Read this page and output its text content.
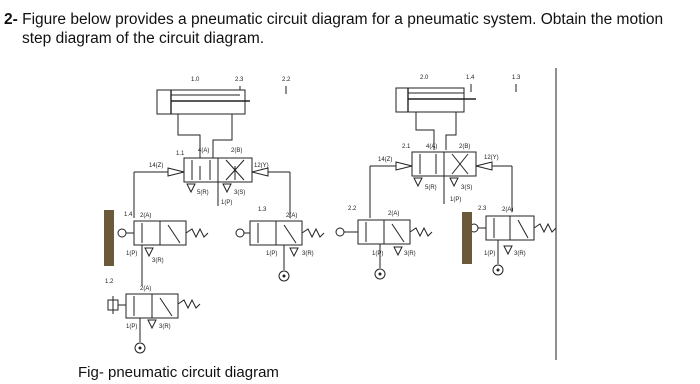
2- Figure below provides a pneumatic circuit diagram for a pneumatic system. Obtain the motion
step diagram of the circuit diagram.
1.0	2.3	2.2
1.1 4(A)	2(B)
14(Z)	12(Y)
5(R)	3(S)
1(P)
1.4 2(A)
1(P)
3(R)
1.3
2(A)
1(P)	3(R)
1.2
2(A)
1(P)	3(R)
2.0	1.4	1.3
2.1	4(A)	2(B)
14(Z)	12(Y)
5(R)	3(S)
1(P)
2.2
2(A)
1(P)	3(R)
2.3	2(A)
1(P)	3(R)
Fig- pneumatic circuit diagram
